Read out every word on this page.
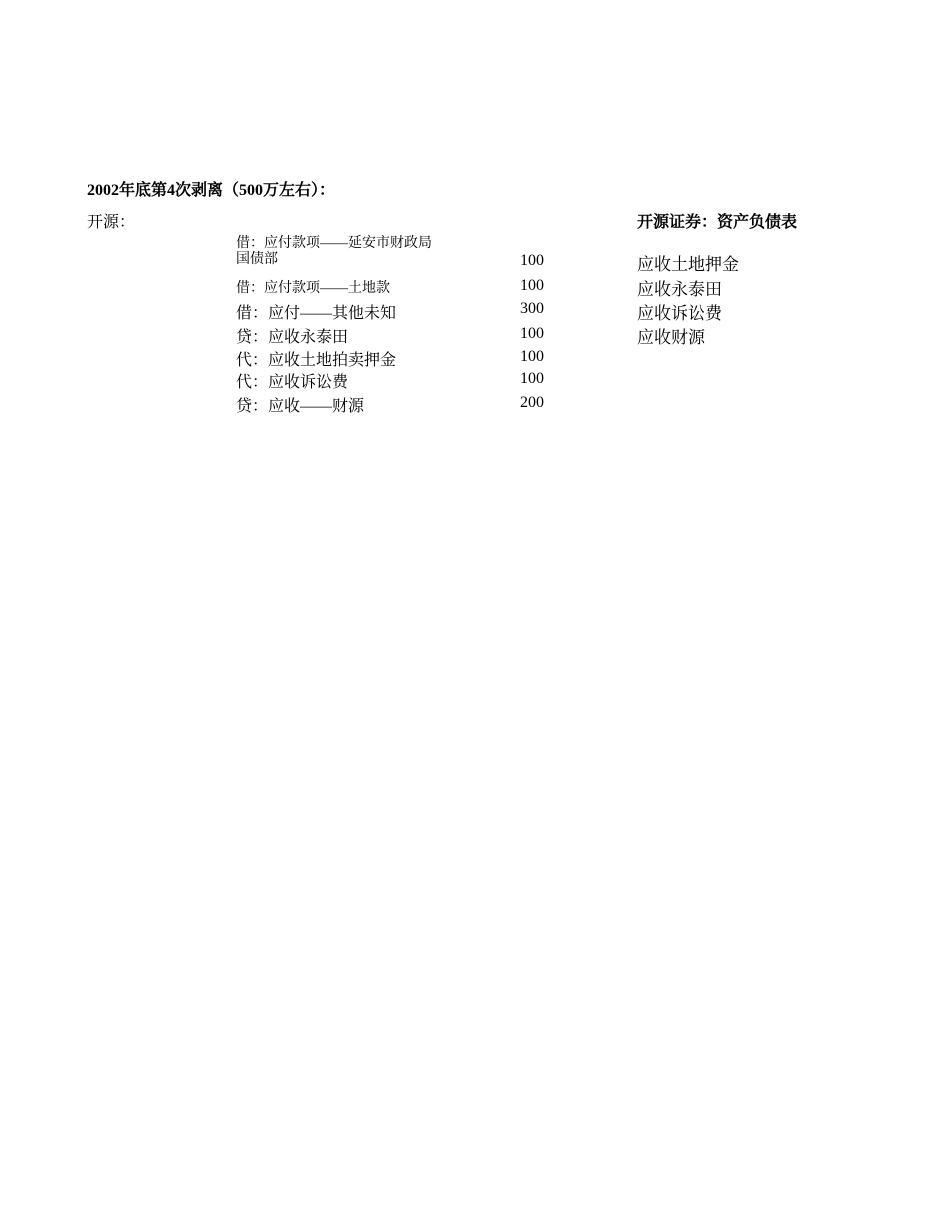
2002年底第4次剥离（500万左右）：
开源：	开源证券：资产负债表
借：应付款项——延安市财政局
国债部	100
借：应付款项——土地款	100
借：应付——其他未知	300
贷：应收永泰田	100
代：应收土地拍卖押金	100
代：应收诉讼费	100
贷：应收——财源	200
应收土地押金
应收永泰田
应收诉讼费
应收财源
